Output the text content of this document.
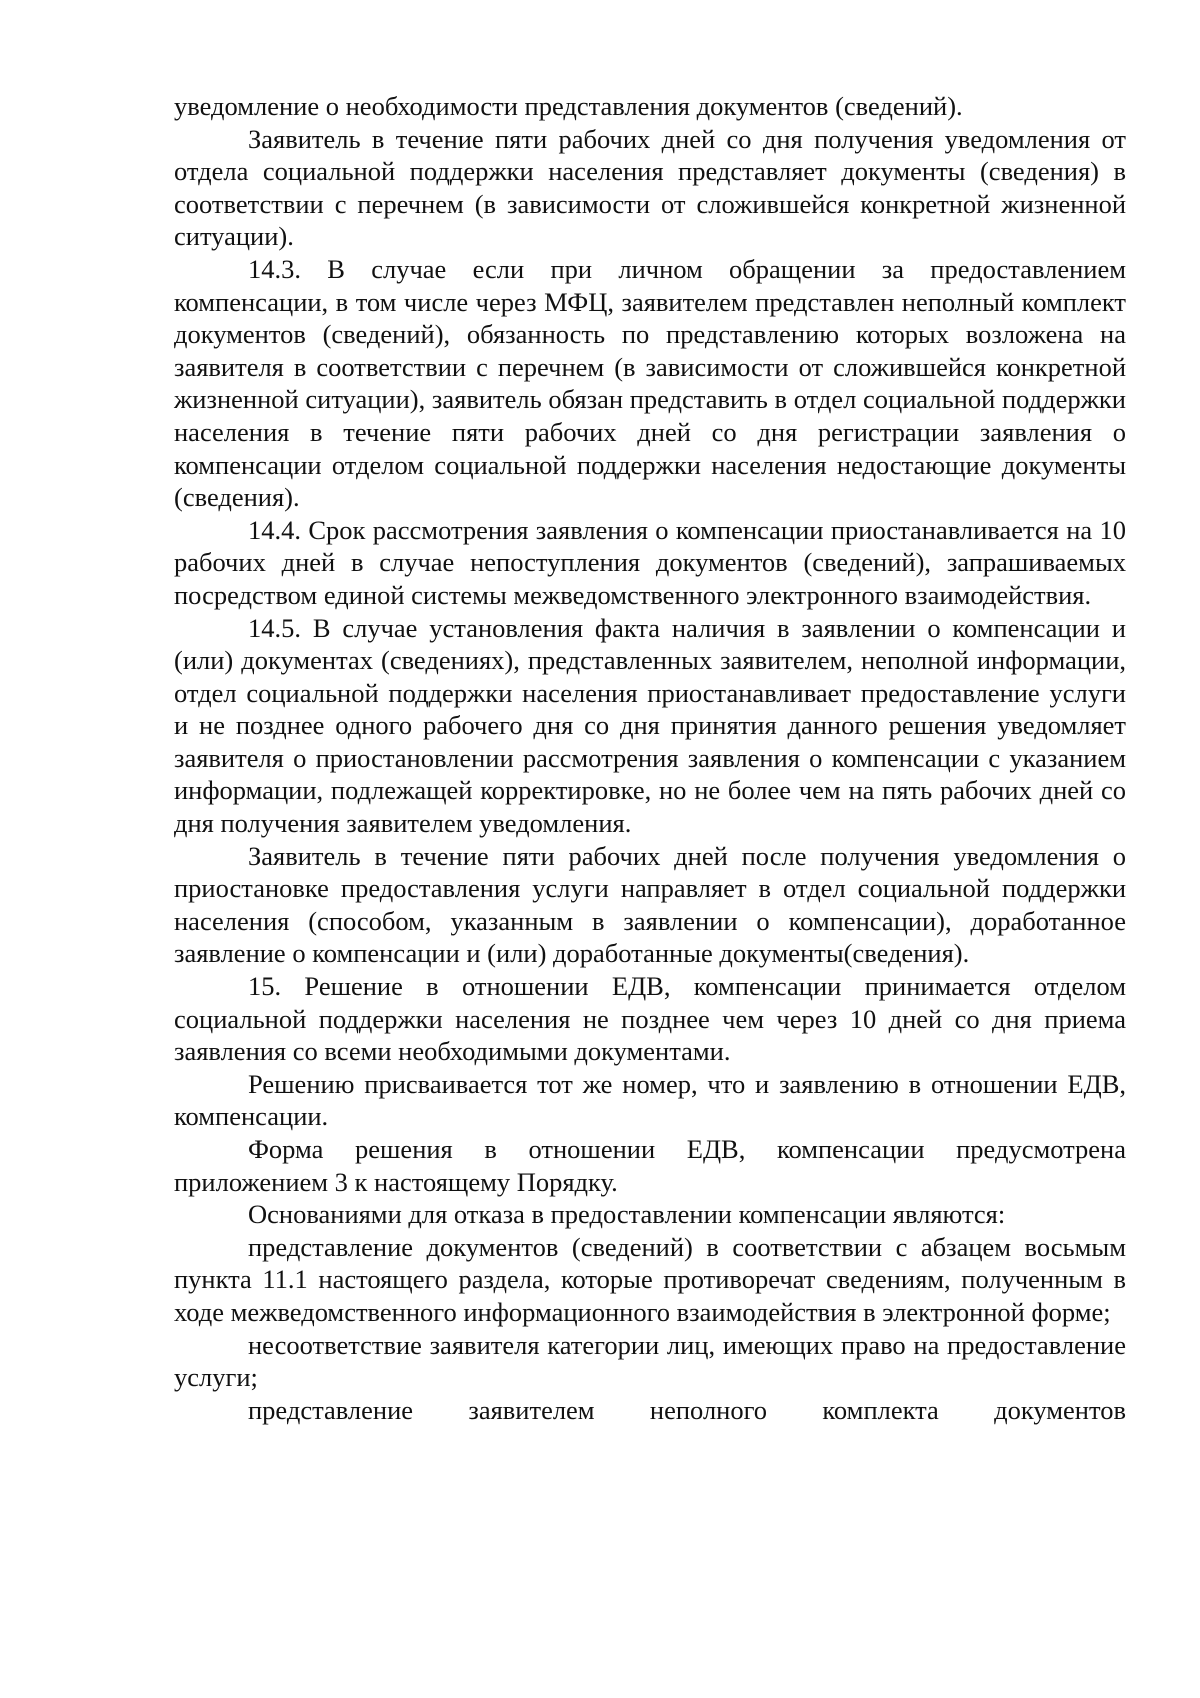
уведомление о необходимости представления документов (сведений).

Заявитель в течение пяти рабочих дней со дня получения уведомления от отдела социальной поддержки населения представляет документы (сведения) в соответствии с перечнем (в зависимости от сложившейся конкретной жизненной ситуации).

14.3. В случае если при личном обращении за предоставлением компенсации, в том числе через МФЦ, заявителем представлен неполный комплект документов (сведений), обязанность по представлению которых возложена на заявителя в соответствии с перечнем (в зависимости от сложившейся конкретной жизненной ситуации), заявитель обязан представить в отдел социальной поддержки населения в течение пяти рабочих дней со дня регистрации заявления о компенсации отделом социальной поддержки населения недостающие документы (сведения).

14.4. Срок рассмотрения заявления о компенсации приостанавливается на 10 рабочих дней в случае непоступления документов (сведений), запрашиваемых посредством единой системы межведомственного электронного взаимодействия.

14.5. В случае установления факта наличия в заявлении о компенсации и (или) документах (сведениях), представленных заявителем, неполной информации, отдел социальной поддержки населения приостанавливает предоставление услуги и не позднее одного рабочего дня со дня принятия данного решения уведомляет заявителя о приостановлении рассмотрения заявления о компенсации с указанием информации, подлежащей корректировке, но не более чем на пять рабочих дней со дня получения заявителем уведомления.

Заявитель в течение пяти рабочих дней после получения уведомления о приостановке предоставления услуги направляет в отдел социальной поддержки населения (способом, указанным в заявлении о компенсации), доработанное заявление о компенсации и (или) доработанные документы(сведения).

15. Решение в отношении ЕДВ, компенсации принимается отделом социальной поддержки населения не позднее чем через 10 дней со дня приема заявления со всеми необходимыми документами.

Решению присваивается тот же номер, что и заявлению в отношении ЕДВ, компенсации.

Форма решения в отношении ЕДВ, компенсации предусмотрена приложением 3 к настоящему Порядку.

Основаниями для отказа в предоставлении компенсации являются:

представление документов (сведений) в соответствии с абзацем восьмым пункта 11.1 настоящего раздела, которые противоречат сведениям, полученным в ходе межведомственного информационного взаимодействия в электронной форме;

несоответствие заявителя категории лиц, имеющих право на предоставление услуги;

представление заявителем неполного комплекта документов
